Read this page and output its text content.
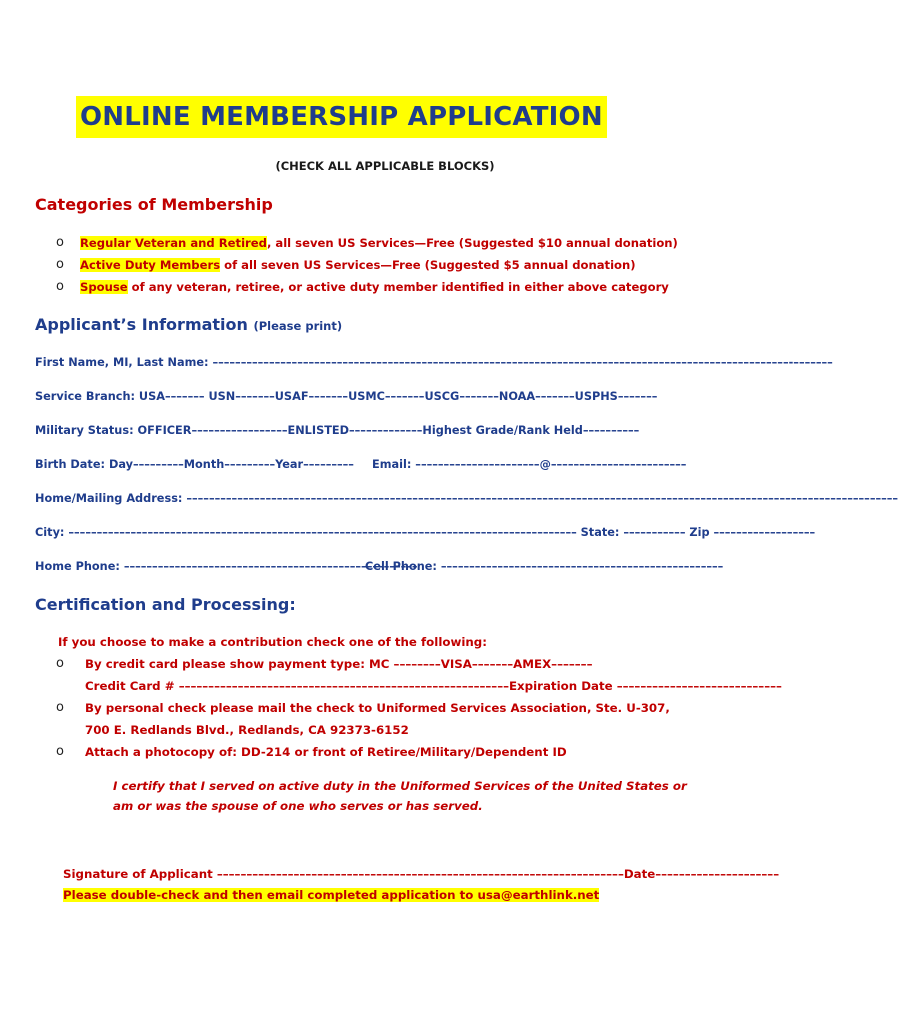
ONLINE MEMBERSHIP APPLICATION
(CHECK ALL APPLICABLE BLOCKS)
Categories of Membership
o Regular Veteran and Retired, all seven US Services—Free (Suggested $10 annual donation)
o Active Duty Members of all seven US Services—Free (Suggested $5 annual donation)
o Spouse of any veteran, retiree, or active duty member identified in either above category
Applicant’s Information (Please print)
First Name, MI, Last Name: ––––––––––––––––––––––––––––––––––––––––––––––––––––––––––––––––––––––––––––––––––––––––––––––––––––––-–––––––
Service Branch: USA––––––– USN–––––––USAF–––––––USMC–––––––USCG–––––––NOAA–––––––USPHS–––––––
Military Status: OFFICER–––––––––––––––––ENLISTED–––––––––––––Highest Grade/Rank Held––––––––––
Birth Date: Day–––––––––Month–––––––––Year––––––––– Email: ––––––––––––––––––––––@––––––––––––––––––––––––
Home/Mailing Address: ––––––––––––––––––––––––––––––––––––––––––––––––––––––––––––––––––––––––––––––––––––––––––––––––––––––––––––––––––––––––––––––
City: –––––––––––––––––––––––––––––––––––––––––––––––––––––––––––––––––––––––––––––––––––––––––– State: ––––––––––– Zip ––––––––––––––––––
Home Phone: ––––––––––––––––––––––––––––––––––––––––––––––––––––
Cell Phone: ––––––––––––––––––––––––––––––––––––––––––––––––––
Certification and Processing:
If you choose to make a contribution check one of the following:
o By credit card please show payment type: MC ––––––––VISA–––––––AMEX–––––––
Credit Card # ––––––––––––––––––––––––––––––––––––––––––––––––––––––––Expiration Date ––––––––––––––––––––––––––––
o By personal check please mail the check to Uniformed Services Association, Ste. U-307,
700 E. Redlands Blvd., Redlands, CA 92373-6152
o Attach a photocopy of: DD-214 or front of Retiree/Military/Dependent ID
I certify that I served on active duty in the Uniformed Services of the United States or
am or was the spouse of one who serves or has served.
Signature of Applicant –––––––––––––––––––––––––––––––––––––––––––––––––––––––––––––––––––––Date–––––––––––––––––––––
Please double-check and then email completed application to usa@earthlink.net
